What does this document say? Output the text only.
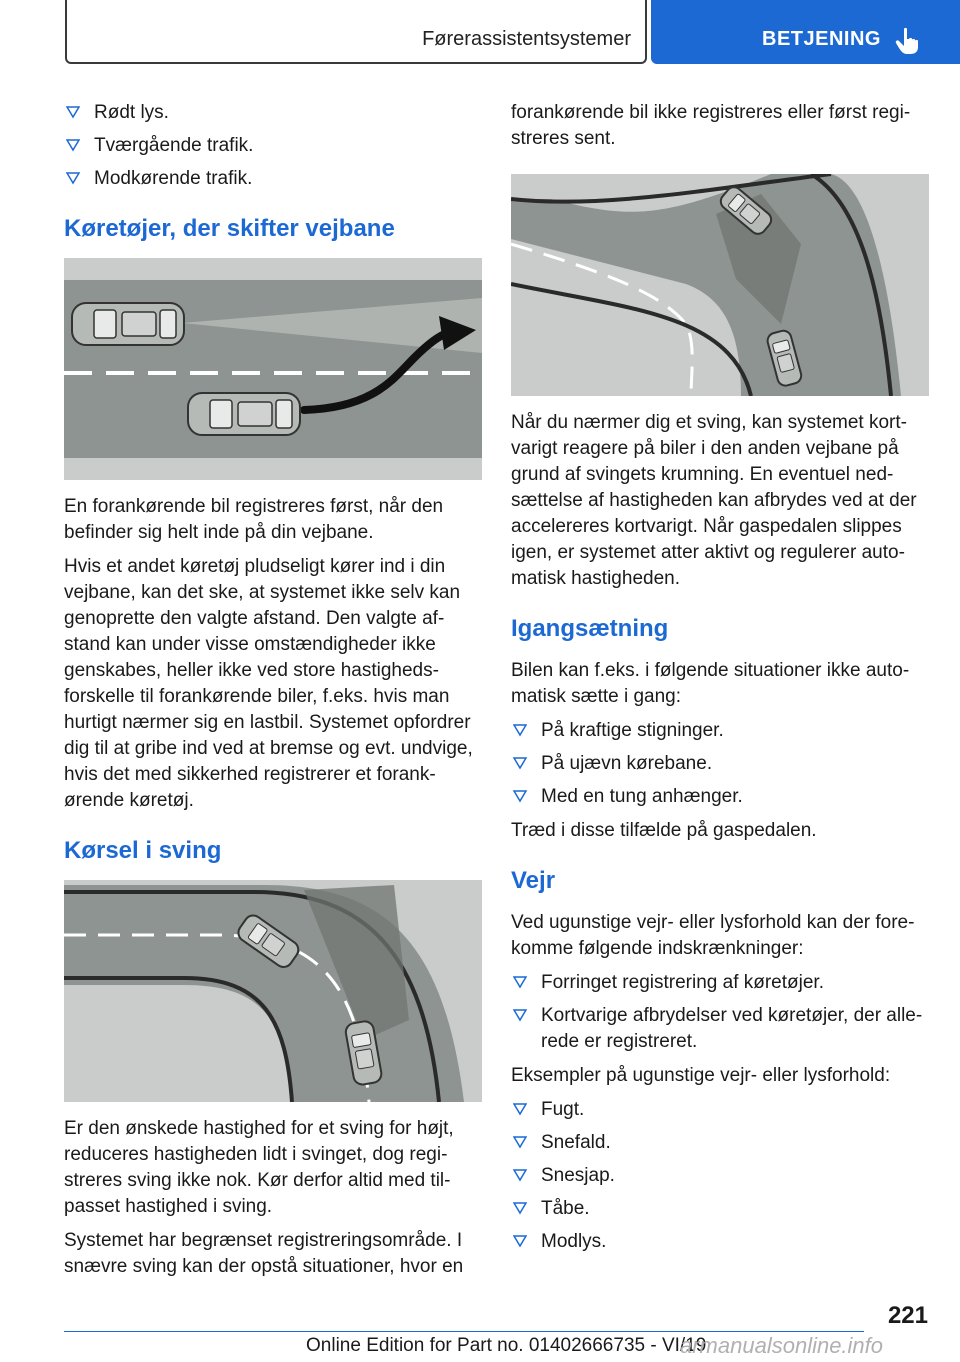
Førerassistentsystemer	BETJENING
Rødt lys.
Tværgående trafik.
Modkørende trafik.
Køretøjer, der skifter vejbane

En forankørende bil registreres først, når den befinder sig helt inde på din vejbane.

Hvis et andet køretøj pludseligt kører ind i din vejbane, kan det ske, at systemet ikke selv kan genoprette den valgte afstand. Den valgte afstand kan under visse omstændigheder ikke genskabes, heller ikke ved store hastighedsforskelle til forankørende biler, f.eks. hvis man hurtigt nærmer sig en lastbil. Systemet opfordrer dig til at gribe ind ved at bremse og evt. undvige, hvis det med sikkerhed registrerer et forankørende køretøj.

Kørsel i sving

Er den ønskede hastighed for et sving for højt, reduceres hastigheden lidt i svinget, dog registreres sving ikke nok. Kør derfor altid med tilpasset hastighed i sving.

Systemet har begrænset registreringsområde. I snævre sving kan der opstå situationer, hvor en

forankørende bil ikke registreres eller først registreres sent.

Når du nærmer dig et sving, kan systemet kortvarigt reagere på biler i den anden vejbane på grund af svingets krumning. En eventuel nedsættelse af hastigheden kan afbrydes ved at der accelereres kortvarigt. Når gaspedalen slippes igen, er systemet atter aktivt og regulerer automatisk hastigheden.

Igangsætning

Bilen kan f.eks. i følgende situationer ikke automatisk sætte i gang:

På kraftige stigninger.
På ujævn kørebane.
Med en tung anhænger.

Træd i disse tilfælde på gaspedalen.

Vejr

Ved ugunstige vejr- eller lysforhold kan der forekomme følgende indskrænkninger:

Forringet registrering af køretøjer.
Kortvarige afbrydelser ved køretøjer, der allerede er registreret.

Eksempler på ugunstige vejr- eller lysforhold:

Fugt.
Snefald.
Snesjap.
Tåbe.
Modlys.
221
Online Edition for Part no. 01402666735 - VI/19
armanualsonline.info
